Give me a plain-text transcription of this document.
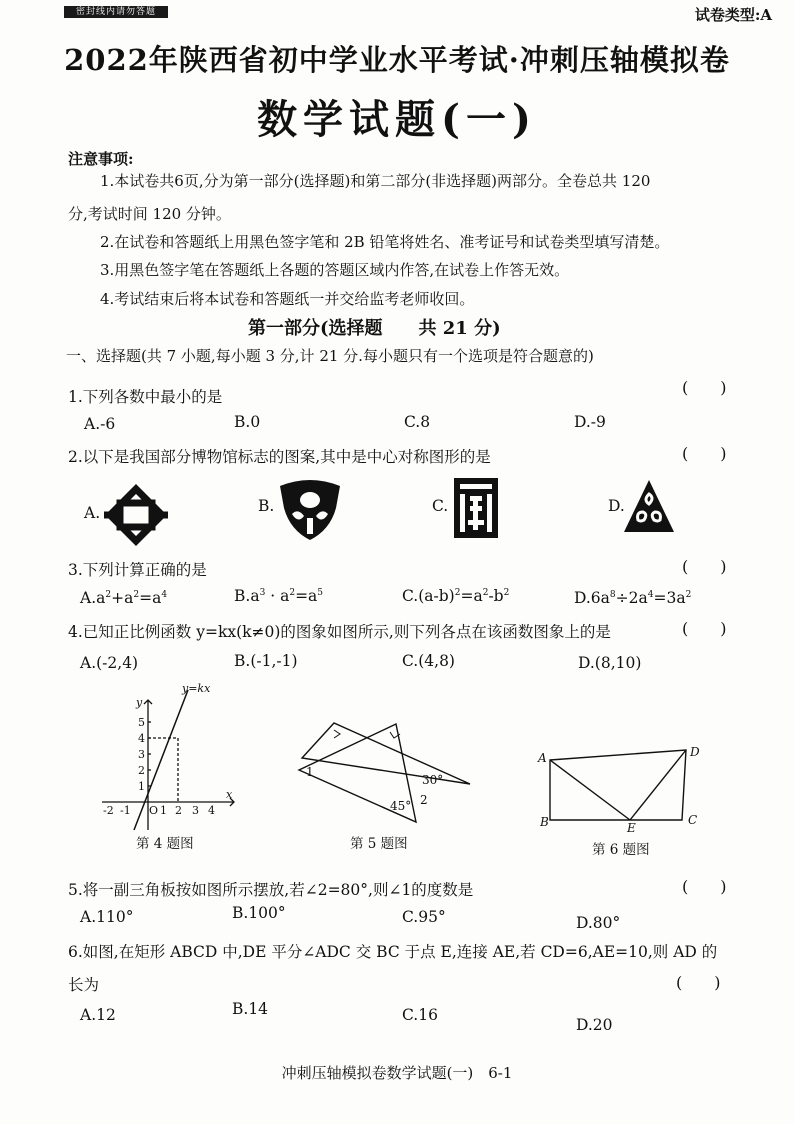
密封线内请勿答题	试卷类型:A
2022年陕西省初中学业水平考试·冲刺压轴模拟卷
数学试题(一)
注意事项:
1.本试卷共6页,分为第一部分(选择题)和第二部分(非选择题)两部分。全卷总共 120
分,考试时间 120 分钟。
2.在试卷和答题纸上用黑色签字笔和 2B 铅笔将姓名、准考证号和试卷类型填写清楚。
3.用黑色签字笔在答题纸上各题的答题区域内作答,在试卷上作答无效。
4.考试结束后将本试卷和答题纸一并交给监考老师收回。
第一部分(选择题　　共 21 分)
一、选择题(共 7 小题,每小题 3 分,计 21 分.每小题只有一个选项是符合题意的)
1.下列各数中最小的是	(　　)
A.-6	B.0	C.8	D.-9
2.以下是我国部分博物馆标志的图案,其中是中心对称图形的是	(　　)
A.	B.	C.	D.
3.下列计算正确的是	(　　)
$A.a^2+a^2=a^4$	$B.a^3 \cdot a^2=a^5$	$C.(a-b)^2=a^2-b^2$	$D.6a^8\div 2a^4=3a^2$
4.已知正比例函数 y=kx(k≠0)的图象如图所示,则下列各点在该函数图象上的是	(　　)
A.(-2,4)	B.(-1,-1)	C.(4,8)	D.(8,10)
y=kx
y
x
O
-2 -1	1 2 3 4
1
2
3
4
5
第 4 题图
1
2
30°
45°
第 5 题图
A
B	C
D
E
第 6 题图
5.将一副三角板按如图所示摆放,若∠2=80°,则∠1的度数是	(　　)
A.110°	B.100°	C.95°	D.80°
6.如图,在矩形 ABCD 中,DE 平分∠ADC 交 BC 于点 E,连接 AE,若 CD=6,AE=10,则 AD 的
长为	(　　)
A.12	B.14	C.16
D.20
冲刺压轴模拟卷数学试题(一)　6-1
